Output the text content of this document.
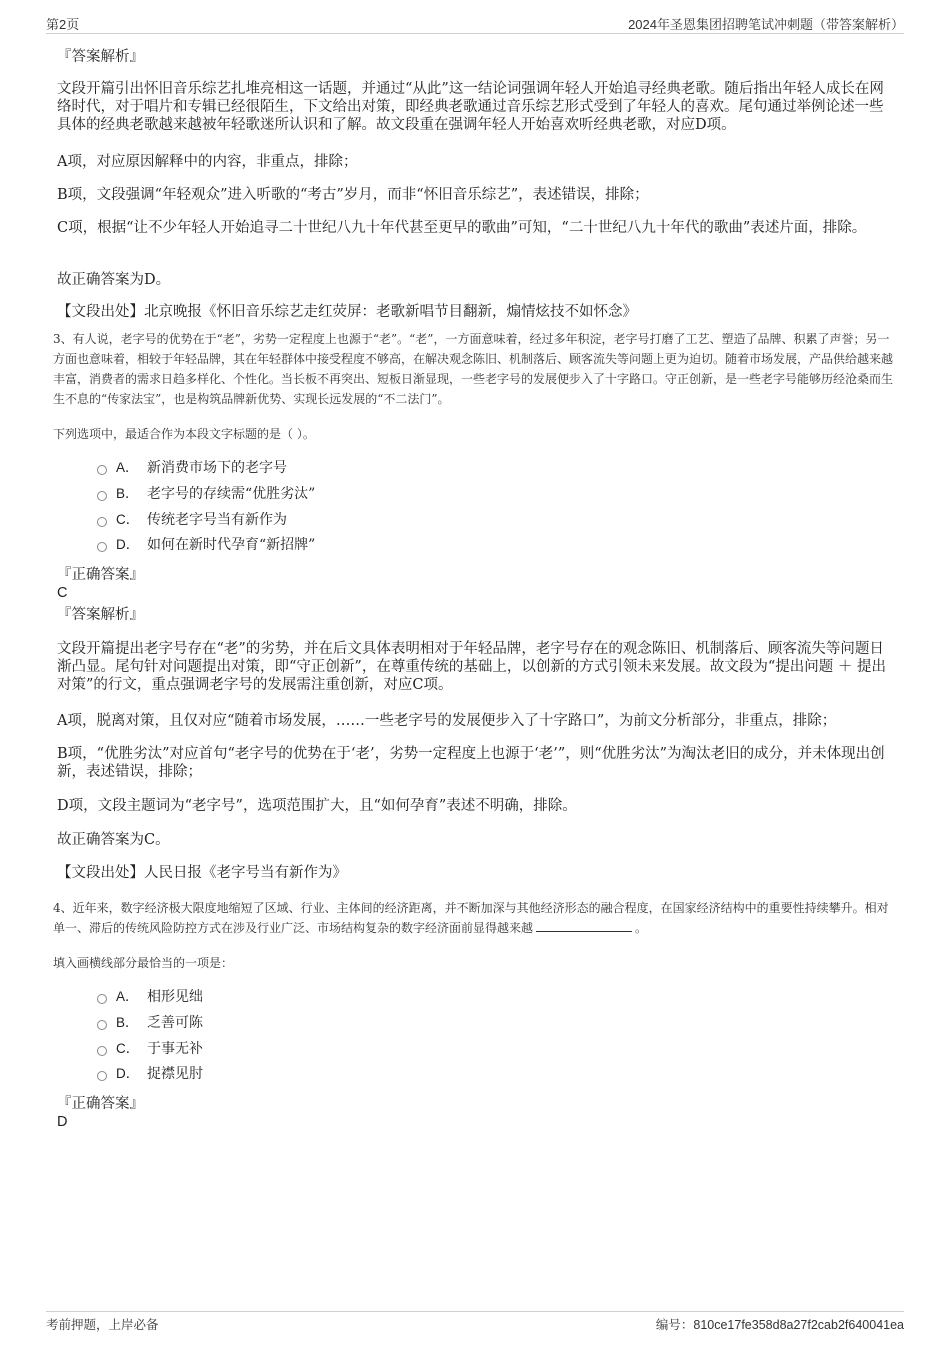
第2页	2024年圣恩集团招聘笔试冲刺题（带答案解析）
『答案解析』
文段开篇引出怀旧音乐综艺扎堆亮相这一话题，并通过“从此”这一结论词强调年轻人开始追寻经典老歌。随后指出年轻人成长在网络时代，对于唱片和专辑已经很陌生，下文给出对策，即经典老歌通过音乐综艺形式受到了年轻人的喜欢。尾句通过举例论述一些具体的经典老歌越来越被年轻歌迷所认识和了解。故文段重在强调年轻人开始喜欢听经典老歌，对应D项。
A项，对应原因解释中的内容，非重点，排除；
B项，文段强调“年轻观众”进入听歌的“考古”岁月，而非“怀旧音乐综艺”，表述错误，排除；
C项，根据“让不少年轻人开始追寻二十世纪八九十年代甚至更早的歌曲”可知，“二十世纪八九十年代的歌曲”表述片面，排除。
故正确答案为D。
【文段出处】北京晚报《怀旧音乐综艺走红荧屏：老歌新唱节目翻新，煽情炫技不如怀念》
3、有人说，老字号的优势在于“老”，劣势一定程度上也源于“老”。“老”，一方面意味着，经过多年积淀，老字号打磨了工艺、塑造了品牌、积累了声誉；另一方面也意味着，相较于年轻品牌，其在年轻群体中接受程度不够高，在解决观念陈旧、机制落后、顾客流失等问题上更为迫切。随着市场发展，产品供给越来越丰富，消费者的需求日趋多样化、个性化。当长板不再突出、短板日渐显现，一些老字号的发展便步入了十字路口。守正创新，是一些老字号能够历经沧桑而生生不息的“传家法宝”，也是构筑品牌新优势、实现长远发展的“不二法门”。
下列选项中，最适合作为本段文字标题的是（ ）。
A． 新消费市场下的老字号
B． 老字号的存续需“优胜劣汰”
C． 传统老字号当有新作为
D． 如何在新时代孕育“新招牌”
『正确答案』
C
『答案解析』
文段开篇提出老字号存在“老”的劣势，并在后文具体表明相对于年轻品牌，老字号存在的观念陈旧、机制落后、顾客流失等问题日渐凸显。尾句针对问题提出对策，即“守正创新”，在尊重传统的基础上，以创新的方式引领未来发展。故文段为“提出问题 ＋ 提出对策”的行文，重点强调老字号的发展需注重创新，对应C项。
A项，脱离对策，且仅对应“随着市场发展，……一些老字号的发展便步入了十字路口”，为前文分析部分，非重点，排除；
B项，“优胜劣汰”对应首句“老字号的优势在于‘老’，劣势一定程度上也源于‘老’”，则“优胜劣汰”为淘汰老旧的成分，并未体现出创新，表述错误，排除；
D项，文段主题词为“老字号”，选项范围扩大，且“如何孕育”表述不明确，排除。
故正确答案为C。
【文段出处】人民日报《老字号当有新作为》
4、近年来，数字经济极大限度地缩短了区域、行业、主体间的经济距离，并不断加深与其他经济形态的融合程度，在国家经济结构中的重要性持续攀升。相对单一、滞后的传统风险防控方式在涉及行业广泛、市场结构复杂的数字经济面前显得越来越	。
填入画横线部分最恰当的一项是：
A． 相形见绌
B． 乏善可陈
C． 于事无补
D． 捉襟见肘
『正确答案』
D
考前押题，上岸必备	编号：810ce17fe358d8a27f2cab2f640041ea
